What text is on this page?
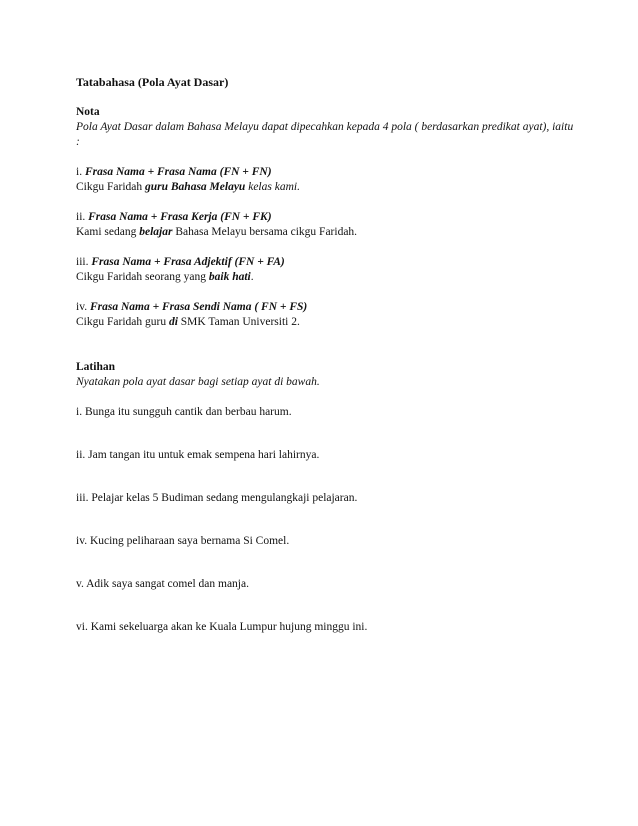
Tatabahasa (Pola Ayat Dasar)

Nota

Pola Ayat Dasar dalam Bahasa Melayu dapat dipecahkan kepada 4 pola ( berdasarkan predikat ayat), iaitu :

i. Frasa Nama + Frasa Nama (FN + FN)

Cikgu Faridah guru Bahasa Melayu kelas kami.

ii. Frasa Nama + Frasa Kerja (FN + FK)

Kami sedang belajar Bahasa Melayu bersama cikgu Faridah.

iii. Frasa Nama + Frasa Adjektif (FN + FA)

Cikgu Faridah seorang yang baik hati.

iv. Frasa Nama + Frasa Sendi Nama ( FN + FS)

Cikgu Faridah guru di SMK Taman Universiti 2.

Latihan

Nyatakan pola ayat dasar bagi setiap ayat di bawah.

i. Bunga itu sungguh cantik dan berbau harum.

ii. Jam tangan itu untuk emak sempena hari lahirnya.

iii. Pelajar kelas 5 Budiman sedang mengulangkaji pelajaran.

iv. Kucing peliharaan saya bernama Si Comel.

v. Adik saya sangat comel dan manja.

vi. Kami sekeluarga akan ke Kuala Lumpur hujung minggu ini.
